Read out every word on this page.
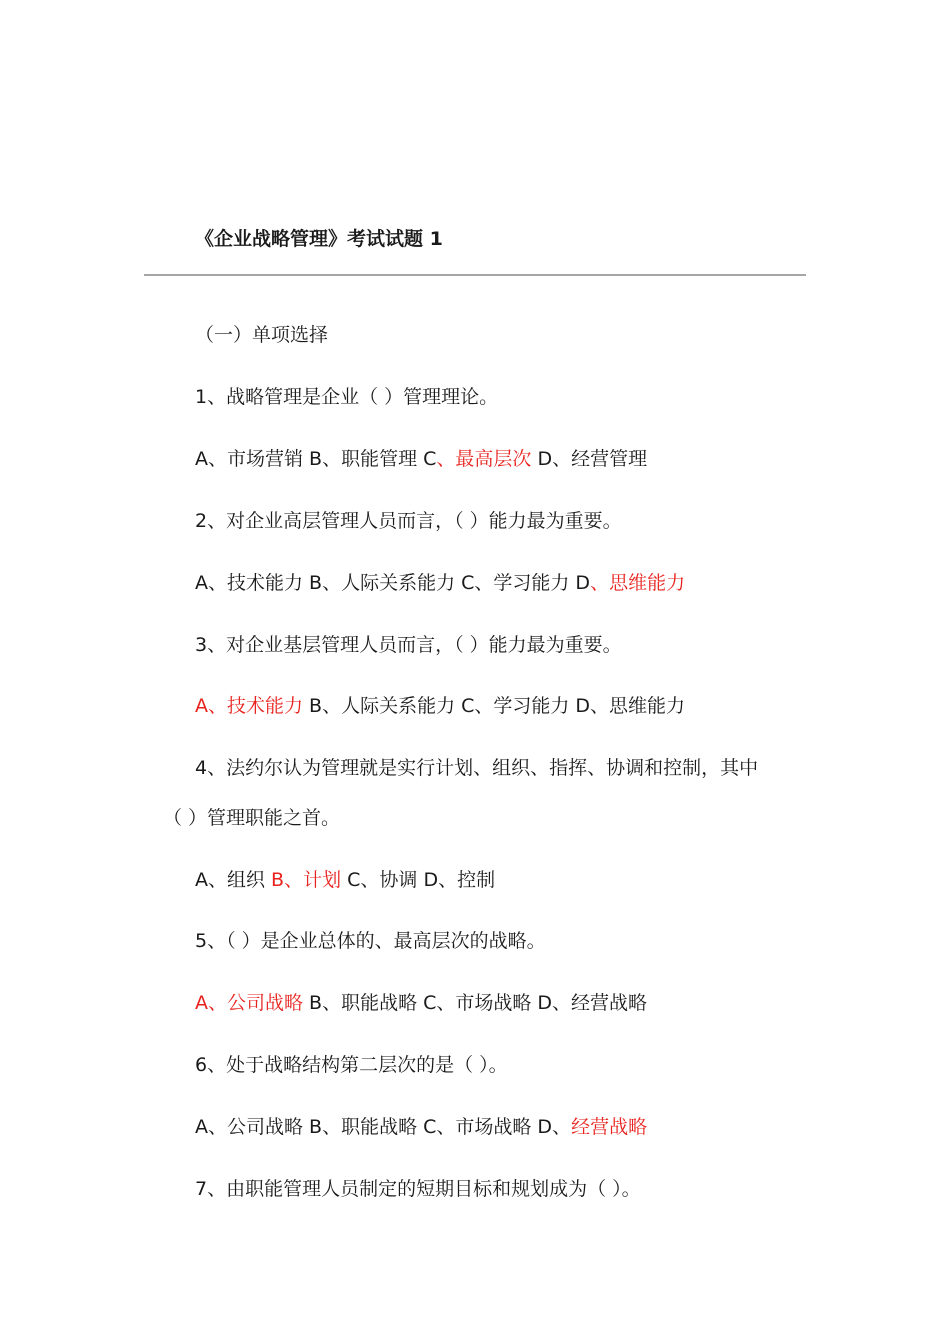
《企业战略管理》考试试题 1
（一）单项选择
1、战略管理是企业（ ）管理理论。
A、市场营销 B、职能管理 C、最高层次 D、经营管理
2、对企业高层管理人员而言，（ ）能力最为重要。
A、技术能力 B、人际关系能力 C、学习能力 D、思维能力
3、对企业基层管理人员而言，（ ）能力最为重要。
A、技术能力 B、人际关系能力 C、学习能力 D、思维能力
4、法约尔认为管理就是实行计划、组织、指挥、协调和控制，其中
（ ）管理职能之首。
A、组织 B、计划 C、协调 D、控制
5、（ ）是企业总体的、最高层次的战略。
A、公司战略 B、职能战略 C、市场战略 D、经营战略
6、处于战略结构第二层次的是（ ）。
A、公司战略 B、职能战略 C、市场战略 D、经营战略
7、由职能管理人员制定的短期目标和规划成为（ ）。
